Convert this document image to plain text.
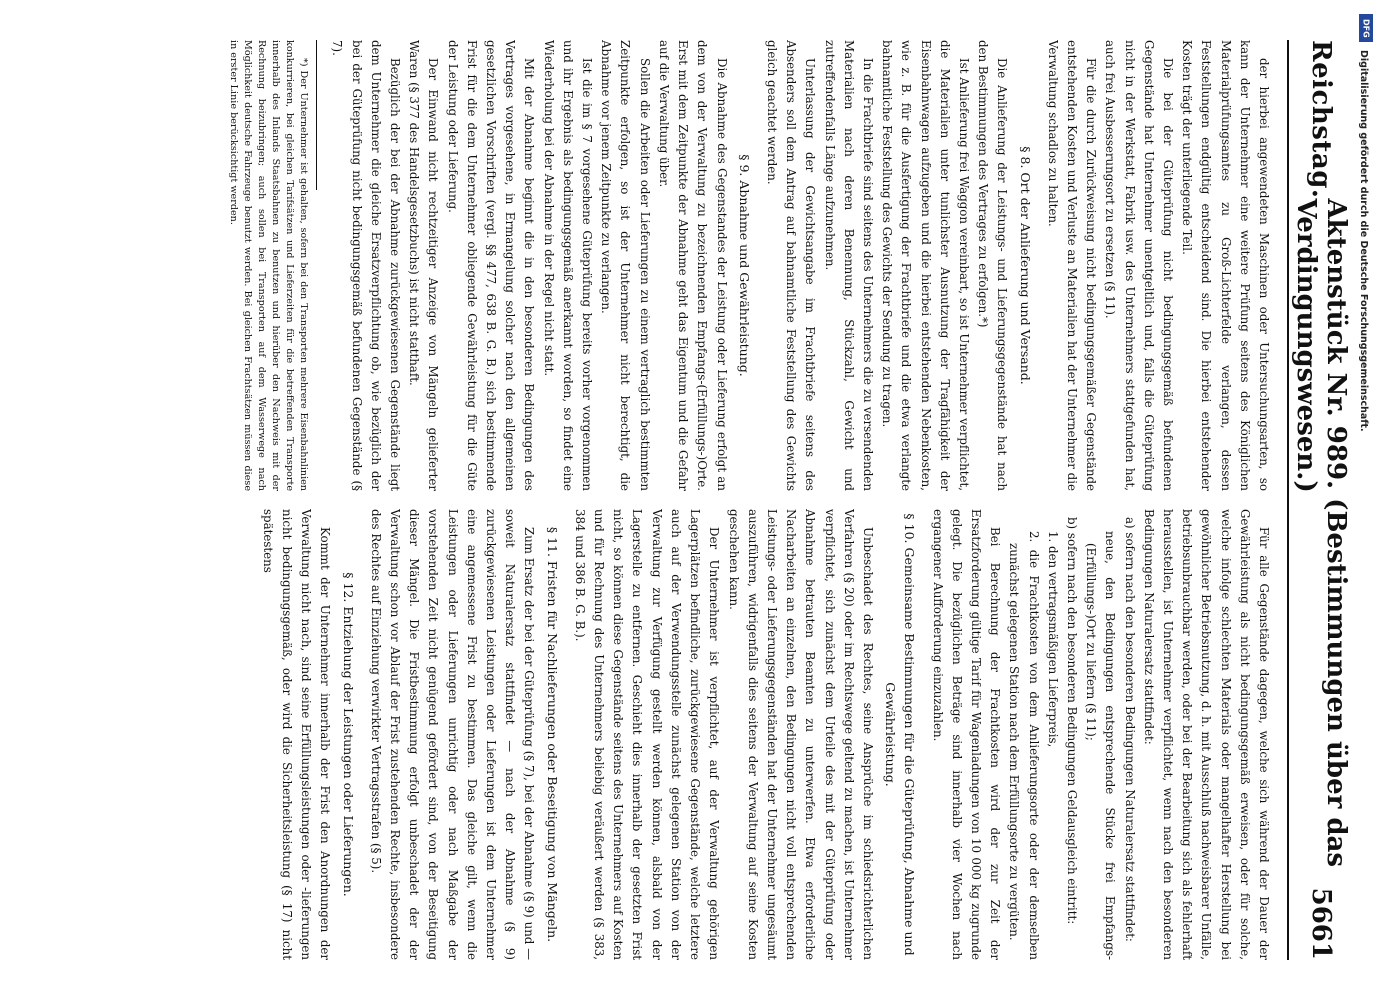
Reichstag.
Aktenstück Nr. 989. (Bestimmungen über das Verdingungswesen.)
5661

der hierbei angewendeten Maschinen oder Untersuchungsarten, so kann der Unternehmer eine weitere Prüfung seitens des Königlichen Materialprüfungsamtes zu Groß-Lichterfelde verlangen, dessen Feststellungen endgültig entscheidend sind. Die hierbei entstehender Kosten trägt der unterliegende Teil.

Die bei der Güteprüfung nicht bedingungsgemäß befundenen Gegenstände hat Unternehmer unentgeltlich und, falls die Güteprüfung nicht in der Werkstatt, Fabrik usw. des Unternehmers stattgefunden hat, auch frei Ausbesserungsort zu ersetzen (§ 11).

Für die durch Zurückweisung nicht bedingungsgemäßer Gegenstände entstehenden Kosten und Verluste an Materialien hat der Unternehmer die Verwaltung schadlos zu halten.

§ 8. Ort der Anlieferung und Versand.

Die Anlieferung der Leistungs- und Lieferungsgegenstände hat nach den Bestimmungen des Vertrages zu erfolgen.*)

Ist Anlieferung frei Waggon vereinbart, so ist Unternehmer verpflichtet, die Materialien unter tunlichster Ausnutzung der Tragfähigkeit der Eisenbahnwagen aufzugeben und die hierbei entstehenden Nebenkosten, wie z. B. für die Ausfertigung der Frachtbriefe und die etwa verlangte bahnamtliche Feststellung des Gewichts der Sendung zu tragen.

In die Frachtbriefe sind seitens des Unternehmers die zu versendenden Materialien nach deren Benennung, Stückzahl, Gewicht und zutreffendenfalls Länge aufzunehmen.

Unterlassung der Gewichtsangabe im Frachtbriefe seitens des Absenders soll dem Antrag auf bahnamtliche Feststellung des Gewichts gleich geachtet werden.

§ 9. Abnahme und Gewährleistung.

Die Abnahme des Gegenstandes der Leistung oder Lieferung erfolgt an dem von der Verwaltung zu bezeichnenden Empfangs-(Erfüllungs-)Orte. Erst mit dem Zeitpunkte der Abnahme geht das Eigentum und die Gefahr auf die Verwaltung über.

Sollen die Arbeiten oder Lieferungen zu einem vertraglich bestimmten Zeitpunkte erfolgen, so ist der Unternehmer nicht berechtigt, die Abnahme vor jenem Zeitpunkte zu verlangen.

Ist die im § 7 vorgesehene Güteprüfung bereits vorher vorgenommen und ihr Ergebnis als bedingungsgemäß anerkannt worden, so findet eine Wiederholung bei der Abnahme in der Regel nicht statt.

Mit der Abnahme beginnt die in den besonderen Bedingungen des Vertrages vorgesehene, in Ermangelung solcher nach den allgemeinen gesetzlichen Vorschriften (vergl. §§ 477, 638 B. G. B.) sich bestimmende Frist für die dem Unternehmer obliegende Gewährleistung für die Güte der Leistung oder Lieferung.

Der Einwand nicht rechtzeitiger Anzeige von Mängeln gelieferter Waren (§ 377 des Handelsgesetzbuchs) ist nicht statthaft.

Bezüglich der bei der Abnahme zurückgewiesenen Gegenstände liegt dem Unternehmer die gleiche Ersatzverpflichtung ob, wie bezüglich der bei der Güteprüfung nicht bedingungsgemäß befundenen Gegenstände (§ 7).

*) Der Unternehmer ist gehalten, sofern bei den Transporten mehrere Eisenbahnlinien konkurrieren, bei gleichen Tarifsätzen und Lieferzeiten für die betreffenden Transporte innerhalb des Inlands Staatsbahnen zu benutzen und hierüber den Nachweis mit der Rechnung beizubringen; auch sollen bei Transporten auf dem Wasserwege nach Möglichkeit deutsche Fahrzeuge benutzt werden. Bei gleichen Frachtsätzen müssen diese in erster Linie berücksichtigt werden.

Für alle Gegenstände dagegen, welche sich während der Dauer der Gewährleistung als nicht bedingungsgemäß erweisen, oder für solche, welche infolge schlechten Materials oder mangelhafter Herstellung bei gewöhnlicher Betriebsnutzung, d. h. mit Ausschluß nachweisbarer Unfälle, betriebsunbrauchbar werden, oder bei der Bearbeitung sich als fehlerhaft herausstellen, ist Unternehmer verpflichtet, wenn nach den besonderen Bedingungen Naturalersatz stattfindet:

a) sofern nach den besonderen Bedingungen Naturalersatz stattfindet:

neue, den Bedingungen entsprechende Stücke frei Empfangs-(Erfüllungs-)Ort zu liefern (§ 11);

b) sofern nach den besonderen Bedingungen Geldausgleich eintritt:

1. den vertragsmäßigen Lieferpreis,

2. die Frachtkosten von dem Anlieferungsorte oder der demselben zunächst gelegenen Station nach dem Erfüllungsorte zu vergüten.

Bei Berechnung der Frachtkosten wird der zur Zeit der Ersatzforderung gültige Tarif für Wagenladungen von 10 000 kg zugrunde gelegt. Die bezüglichen Beträge sind innerhalb vier Wochen nach ergangener Aufforderung einzuzahlen.

§ 10. Gemeinsame Bestimmungen für die Güteprüfung, Abnahme und Gewährleistung.

Unbeschadet des Rechtes, seine Ansprüche im schiedsrichterlichen Verfahren (§ 20) oder im Rechtswege geltend zu machen, ist Unternehmer verpflichtet, sich zunächst dem Urteile des mit der Güteprüfung oder Abnahme betrauten Beamten zu unterwerfen. Etwa erforderliche Nacharbeiten an einzelnen, den Bedingungen nicht voll entsprechenden Leistungs- oder Lieferungsgegenständen hat der Unternehmer ungesäumt auszuführen, widrigenfalls dies seitens der Verwaltung auf seine Kosten geschehen kann.

Der Unternehmer ist verpflichtet, auf der Verwaltung gehörigen Lagerplätzen befindliche, zurückgewiesene Gegenstände, welche letztere auch auf der Verwendungsstelle zunächst gelegenen Station von der Verwaltung zur Verfügung gestellt werden können, alsbald von der Lagerstelle zu entfernen. Geschieht dies innerhalb der gesetzten Frist nicht, so können diese Gegenstände seitens des Unternehmers auf Kosten und für Rechnung des Unternehmers beliebig veräußert werden (§ 383, 384 und 386 B. G. B.).

§ 11. Fristen für Nachlieferungen oder Beseitigung von Mängeln.

Zum Ersatz der bei der Güteprüfung (§ 7), bei der Abnahme (§ 9) und — soweit Naturalersatz stattfindet — nach der Abnahme (§ 9) zurückgewiesenen Leistungen oder Lieferungen ist dem Unternehmer eine angemessene Frist zu bestimmen. Das gleiche gilt, wenn die Leistungen oder Lieferungen unrichtig oder nach Maßgabe der vorstehenden Zeit nicht genügend gefördert sind, von der Beseitigung dieser Mängel. Die Fristbestimmung erfolgt unbeschadet der der Verwaltung schon vor Ablauf der Frist zustehenden Rechte, insbesondere des Rechtes auf Einziehung verwirkter Vertragsstrafen (§ 5).

§ 12. Entziehung der Leistungen oder Lieferungen.

Kommt der Unternehmer innerhalb der Frist den Anordnungen der Verwaltung nicht nach, sind seine Erfüllungsleistungen oder -lieferungen nicht bedingungsgemäß, oder wird die Sicherheitsleistung (§ 17) nicht spätestens

DFG
Digitalisierung gefördert durch die Deutsche Forschungsgemeinschaft.
